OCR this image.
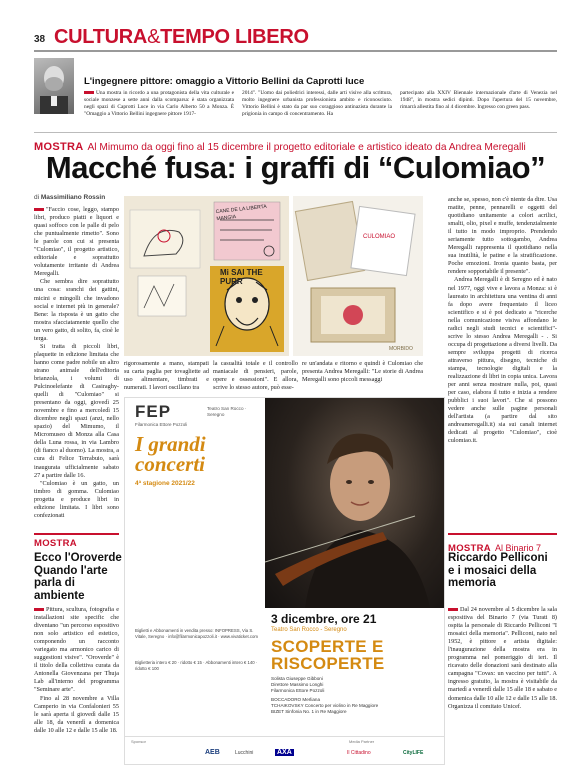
38 CULTURA&TEMPO LIBERO
L'ingegnere pittore: omaggio a Vittorio Bellini da Caprotti luce
Una mostra in ricordo a una protagonista della vita culturale e sociale monzese a sette anni dalla scomparsa: è stata organizzata negli spazi di Caprotti Luce in via Carlo Alberto 50 a Monza. È "Omaggio a Vittorio Bellini ingegnere pittore 1917-
2014". "Uomo dai poliedrici interessi, dalle arti visive alla scrittura, molto ingegnere urbanista professionista ambito e riconosciuto. Vittorio Bellini è stato da par suo coraggioso antinazista durante la prigionia in campo di concentramento. Ha
partecipato alla XXIV Biennale internazionale d'arte di Venezia nel 1948", in mostra sedici dipinti. Dopo l'apertura del 15 novembre, rimarrà allestita fino al 4 dicembre. Ingresso con green pass.
MOSTRA Al Mimumo da oggi fino al 15 dicembre il progetto editoriale e artistico ideato da Andrea Meregalli
Macché fusa: i graffi di “Culomiao”
di Massimiliano Rossin

"Faccio cose, leggo, stampo libri, produco piatti e liquori e quasi soffoco con le palle di pelo che puntualmente rimetto". Sono le parole con cui si presenta "Culomiao", il progetto artistico, editoriale e soprattutto volutamente irritante di Andrea Meregalli.

Che sembra dire soprattutto una cosa: sranchi dei gattini, micini e mingolli che invadono social e internet più in generale? Bene: la risposta è un gatto che mostra sfacciatamente quello che un vero gatto, di solito, fa, cioè le terga.

Si tratta di piccoli libri, plaquette in edizione limitata che hanno come padre nobile un altro strano animale dell'editoria brianzola, i volumi di Pulcinoelefante di Casiraghy-quelli di "Culomiao" si presentano da oggi, giovedì 25 novembre e fino a mercoledì 15 dicembre negli spazi (anzi, nello spazio) del Mimumo, il Micromuseo di Monza alla Casa della Luna rossa, in via Lambro (di fianco al duomo). La mostra, a cura di Felice Terrabuio, sarà inaugurata ufficialmente sabato 27 a partire dalle 16.

"Culomiao è un gatto, un timbro di gomma. Culomiao progetta e produce libri in edizione limitata. I libri sono confezionati

CANE DE LA LIBERTA MANGIA
Mi SAI THE PURR
CULOMIAO
MORBIDO
rigorosamente a mano, stampati su carta paglia per tovagliette ad uso alimentare, timbrati e numerati. I lavori oscillano tra
la casualità totale e il controllo maniacale di pensieri, parole, opere e ossessioni". E allora, scrive lo stesso autore, può esse-
re un'andata e ritorno e quindi è Culomiao che presenta Andrea Meregalli: "Le storie di Andrea Meregalli sono piccoli messaggi

anche se, spesso, non c'è niente da dire. Usa matite, penne, pennarelli e oggetti del quotidiano unitamente a colori acrilici, smalti, olio, pixel e muffe, tendenzialmente il tutto in modo improprio. Prendendo seriamente tutto sottogambo, Andrea Meregalli rappresenta il quotidiano nella sua inutilità, le patine e la stratificazione. Poche emozioni. Ironia quanto basta, per rendere sopportabile il presente".

Andrea Meregalli è di Seregno ed è nato nel 1977, oggi vive e lavora a Monza: si è laureato in architettura una ventina di anni fa dopo avere frequentato il liceo scientifico e si è poi dedicato a "ricerche nella comunicazione visiva affondano le radici negli studi tecnici e scientifici"- scrive lo stesso Andrea Meregalli - . Si occupa di progettazione a diversi livelli. Da sempre sviluppa progetti di ricerca attraverso pittura, disegno, tecniche di stampa, tecnologie digitali e la realizzazione di libri in copia unica. Lavora per anni senza mostrare nulla, poi, quasi per caso, elabora il tutto e inizia a rendere pubblici i suoi lavori". Che si possono vedere anche sulle pagine personali dell'artista (a partire dal sito andreameregalli.it) sia sui canali internet dedicati al progetto "Culomiao", cioè culomiao.it.

FEP
Filarmonica Ettore Pozzoli
Teatro San Rocco · Seregno
I grandi
concerti
4ª stagione 2021/22
Biglietti e Abbonamenti in vendita presso: INFOPRESS, Via S. Vitale, Seregno · info@filarmonicapozzoli.it · www.vivaticket.com
Biglietteria intero € 20 · ridotto € 15 · Abbonamenti intero € 140 · ridotto € 100
3 dicembre, ore 21
Teatro San Rocco - Seregno
SCOPERTE E
RISCOPERTE
Solista Giuseppe Gibboni
Direttore Massimo Longhi
Filarmonica Ettore Pozzoli
BOCCADORO Merliana
TCHAIKOVSKY Concerto per violino in Re Maggiore
BIZET Sinfonia No. 1 in Re Maggiore
Sponsor	Media Partner
AEB	Lucchini	AXA	Il Cittadino	CityLIFE
MOSTRA
Ecco l'Oroverde Quando l'arte parla di ambiente

Pittura, scultura, fotografia e installazioni site specific che diventano "un percorso espositivo non solo artistico ed estetico, componendo un racconto variegato ma armonico carico di suggestioni visive". "Oroverde" è il titolo della collettiva curata da Antonella Giovenzana per Thuja Lab all'interno del programma "Seminare arte".

Fino al 28 novembre a Villa Camperio in via Confalonieri 55 le sarà aperta il giovedì dalle 15 alle 18, da venerdì a domenica dalle 10 alle 12 e dalle 15 alle 18.

MOSTRA Al Binario 7
Riccardo Pelliconi e i mosaici della memoria

Dal 24 novembre al 5 dicembre la sala espositiva del Binario 7 (via Turati 8) ospita la personale di Riccardo Pelliconi "I mosaici della memoria". Pelliconi, nato nel 1952, è pittore e artista digitale: l'inaugurazione della mostra era in programma nel pomeriggio di ieri. Il ricavato delle donazioni sarà destinato alla campagna "Covax: un vaccino per tutti". A ingresso gratuito, la mostra è visitabile da martedì a venerdì dalle 15 alle 18 e sabato e domenica dalle 10 alle 12 e dalle 15 alle 18. Organizza il comitato Unicef.
